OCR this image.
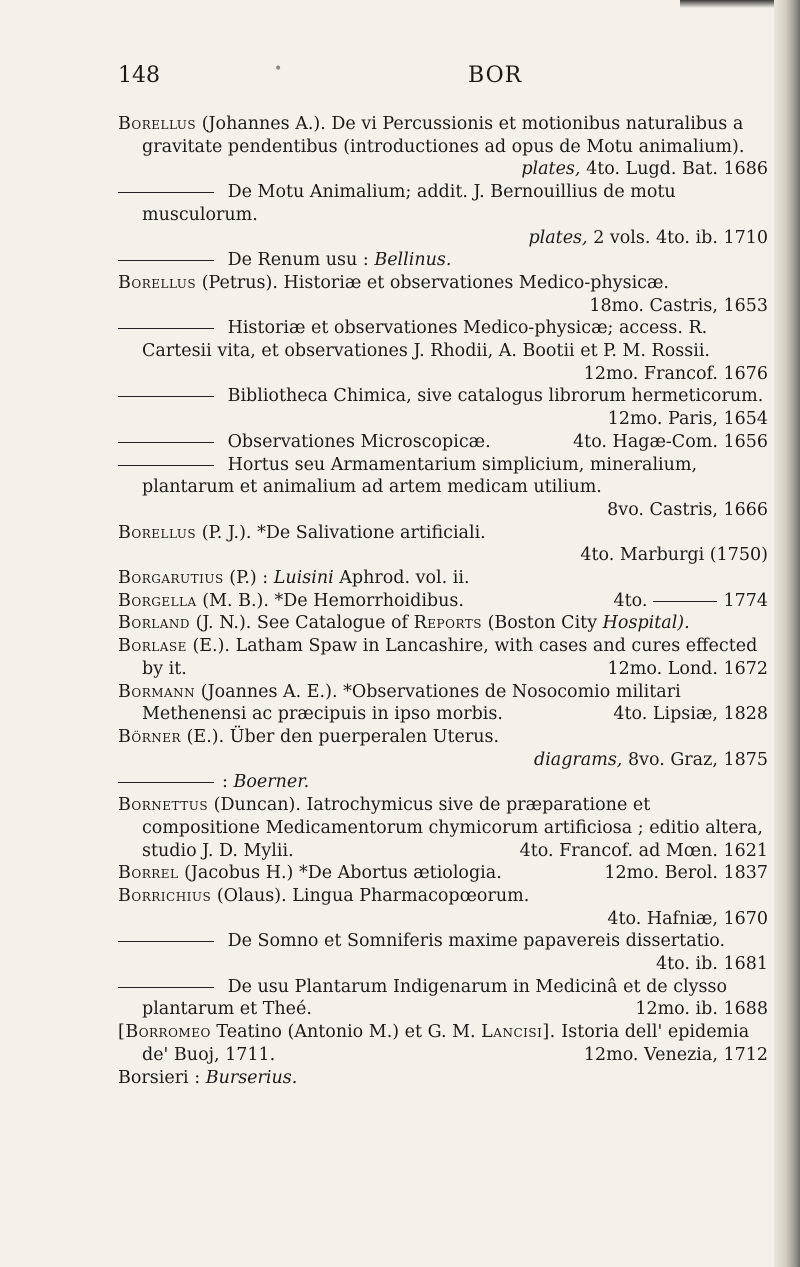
148	•	BOR

Borellus (Johannes A.). De vi Percussionis et motionibus naturalibus a gravitate pendentibus (introductiones ad opus de Motu animalium).
plates, 4to. Lugd. Bat. 1686

De Motu Animalium; addit. J. Bernouillius de motu musculorum.
plates, 2 vols. 4to. ib. 1710

De Renum usu : Bellinus.

Borellus (Petrus). Historiæ et observationes Medico-physicæ.
18mo. Castris, 1653

Historiæ et observationes Medico-physicæ; access. R. Cartesii vita, et observationes J. Rhodii, A. Bootii et P. M. Rossii.
12mo. Francof. 1676

Bibliotheca Chimica, sive catalogus librorum hermeticorum.
12mo. Paris, 1654

Observationes Microscopicæ.	4to. Hagæ-Com. 1656

Hortus seu Armamentarium simplicium, mineralium, plantarum et animalium ad artem medicam utilium.
8vo. Castris, 1666

Borellus (P. J.). *De Salivatione artificiali.
4to. Marburgi (1750)

Borgarutius (P.) : Luisini Aphrod. vol. ii.

Borgella (M. B.). *De Hemorrhoidibus.	4to.	1774

Borland (J. N.). See Catalogue of Reports (Boston City Hospital).

Borlase (E.). Latham Spaw in Lancashire, with cases and cures effected by it.	12mo. Lond. 1672

Bormann (Joannes A. E.). *Observationes de Nosocomio militari Methenensi ac præcipuis in ipso morbis.	4to. Lipsiæ, 1828

Börner (E.). Über den puerperalen Uterus.
diagrams, 8vo. Graz, 1875

: Boerner.

Bornettus (Duncan). Iatrochymicus sive de præparatione et compositione Medicamentorum chymicorum artificiosa ; editio altera, studio J. D. Mylii.	4to. Francof. ad Mœn. 1621

Borrel (Jacobus H.) *De Abortus ætiologia.	12mo. Berol. 1837

Borrichius (Olaus). Lingua Pharmacopœorum.
4to. Hafniæ, 1670

De Somno et Somniferis maxime papavereis dissertatio.
4to. ib. 1681

De usu Plantarum Indigenarum in Medicinâ et de clysso plantarum et Theé.	12mo. ib. 1688

[Borromeo Teatino (Antonio M.) et G. M. Lancisi]. Istoria dell' epidemia de' Buoj, 1711.	12mo. Venezia, 1712

Borsieri : Burserius.
